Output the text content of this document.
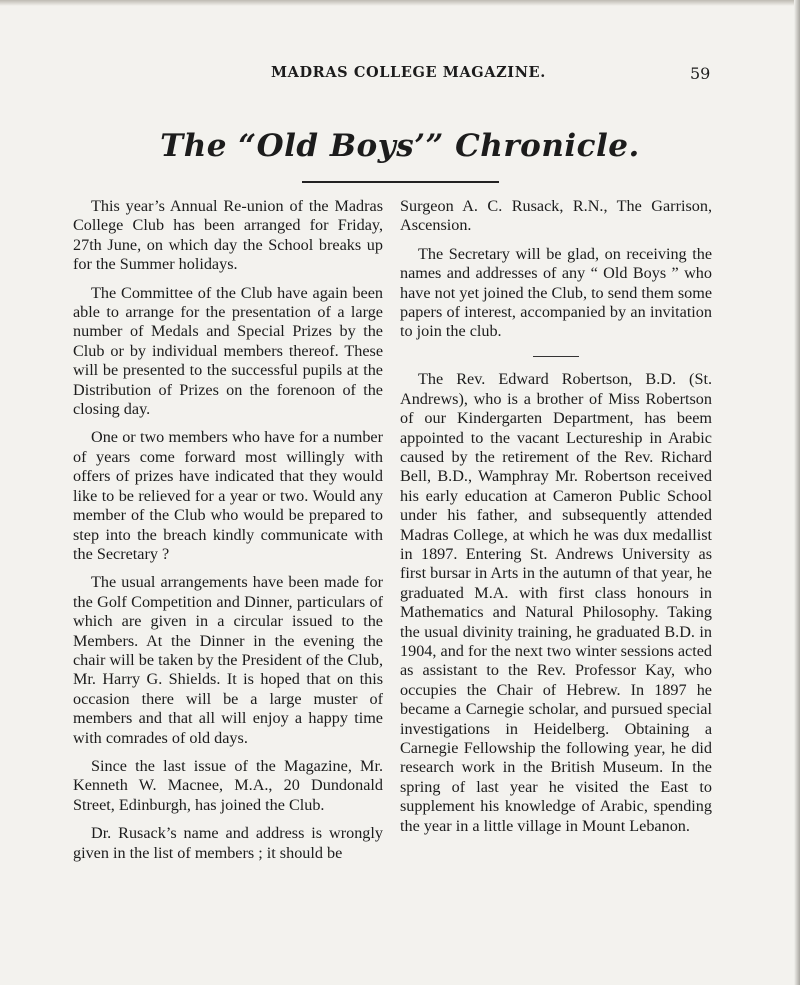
MADRAS COLLEGE MAGAZINE.	59
The “Old Boys’” Chronicle.

This year’s Annual Re-union of the Madras College Club has been arranged for Friday, 27th June, on which day the School breaks up for the Summer holidays.

The Committee of the Club have again been able to arrange for the presentation of a large number of Medals and Special Prizes by the Club or by individual members thereof. These will be presented to the successful pupils at the Distribution of Prizes on the forenoon of the closing day.

One or two members who have for a number of years come forward most willingly with offers of prizes have indicated that they would like to be relieved for a year or two. Would any member of the Club who would be prepared to step into the breach kindly communicate with the Secretary ?

The usual arrangements have been made for the Golf Competition and Dinner, particulars of which are given in a circular issued to the Members. At the Dinner in the evening the chair will be taken by the President of the Club, Mr. Harry G. Shields. It is hoped that on this occasion there will be a large muster of members and that all will enjoy a happy time with comrades of old days.

Since the last issue of the Magazine, Mr. Kenneth W. Macnee, M.A., 20 Dundonald Street, Edinburgh, has joined the Club.

Dr. Rusack’s name and address is wrongly given in the list of members ; it should be

Surgeon A. C. Rusack, R.N., The Garrison, Ascension.

The Secretary will be glad, on receiving the names and addresses of any “ Old Boys ” who have not yet joined the Club, to send them some papers of interest, accompanied by an invitation to join the club.

The Rev. Edward Robertson, B.D. (St. Andrews), who is a brother of Miss Robertson of our Kindergarten Department, has beem appointed to the vacant Lectureship in Arabic caused by the retirement of the Rev. Richard Bell, B.D., Wamphray Mr. Robertson received his early education at Cameron Public School under his father, and subsequently attended Madras College, at which he was dux medallist in 1897. Entering St. Andrews University as first bursar in Arts in the autumn of that year, he graduated M.A. with first class honours in Mathematics and Natural Philosophy. Taking the usual divinity training, he graduated B.D. in 1904, and for the next two winter sessions acted as assistant to the Rev. Professor Kay, who occupies the Chair of Hebrew. In 1897 he became a Carnegie scholar, and pursued special investigations in Heidelberg. Obtaining a Carnegie Fellowship the following year, he did research work in the British Museum. In the spring of last year he visited the East to supplement his knowledge of Arabic, spending the year in a little village in Mount Lebanon.
